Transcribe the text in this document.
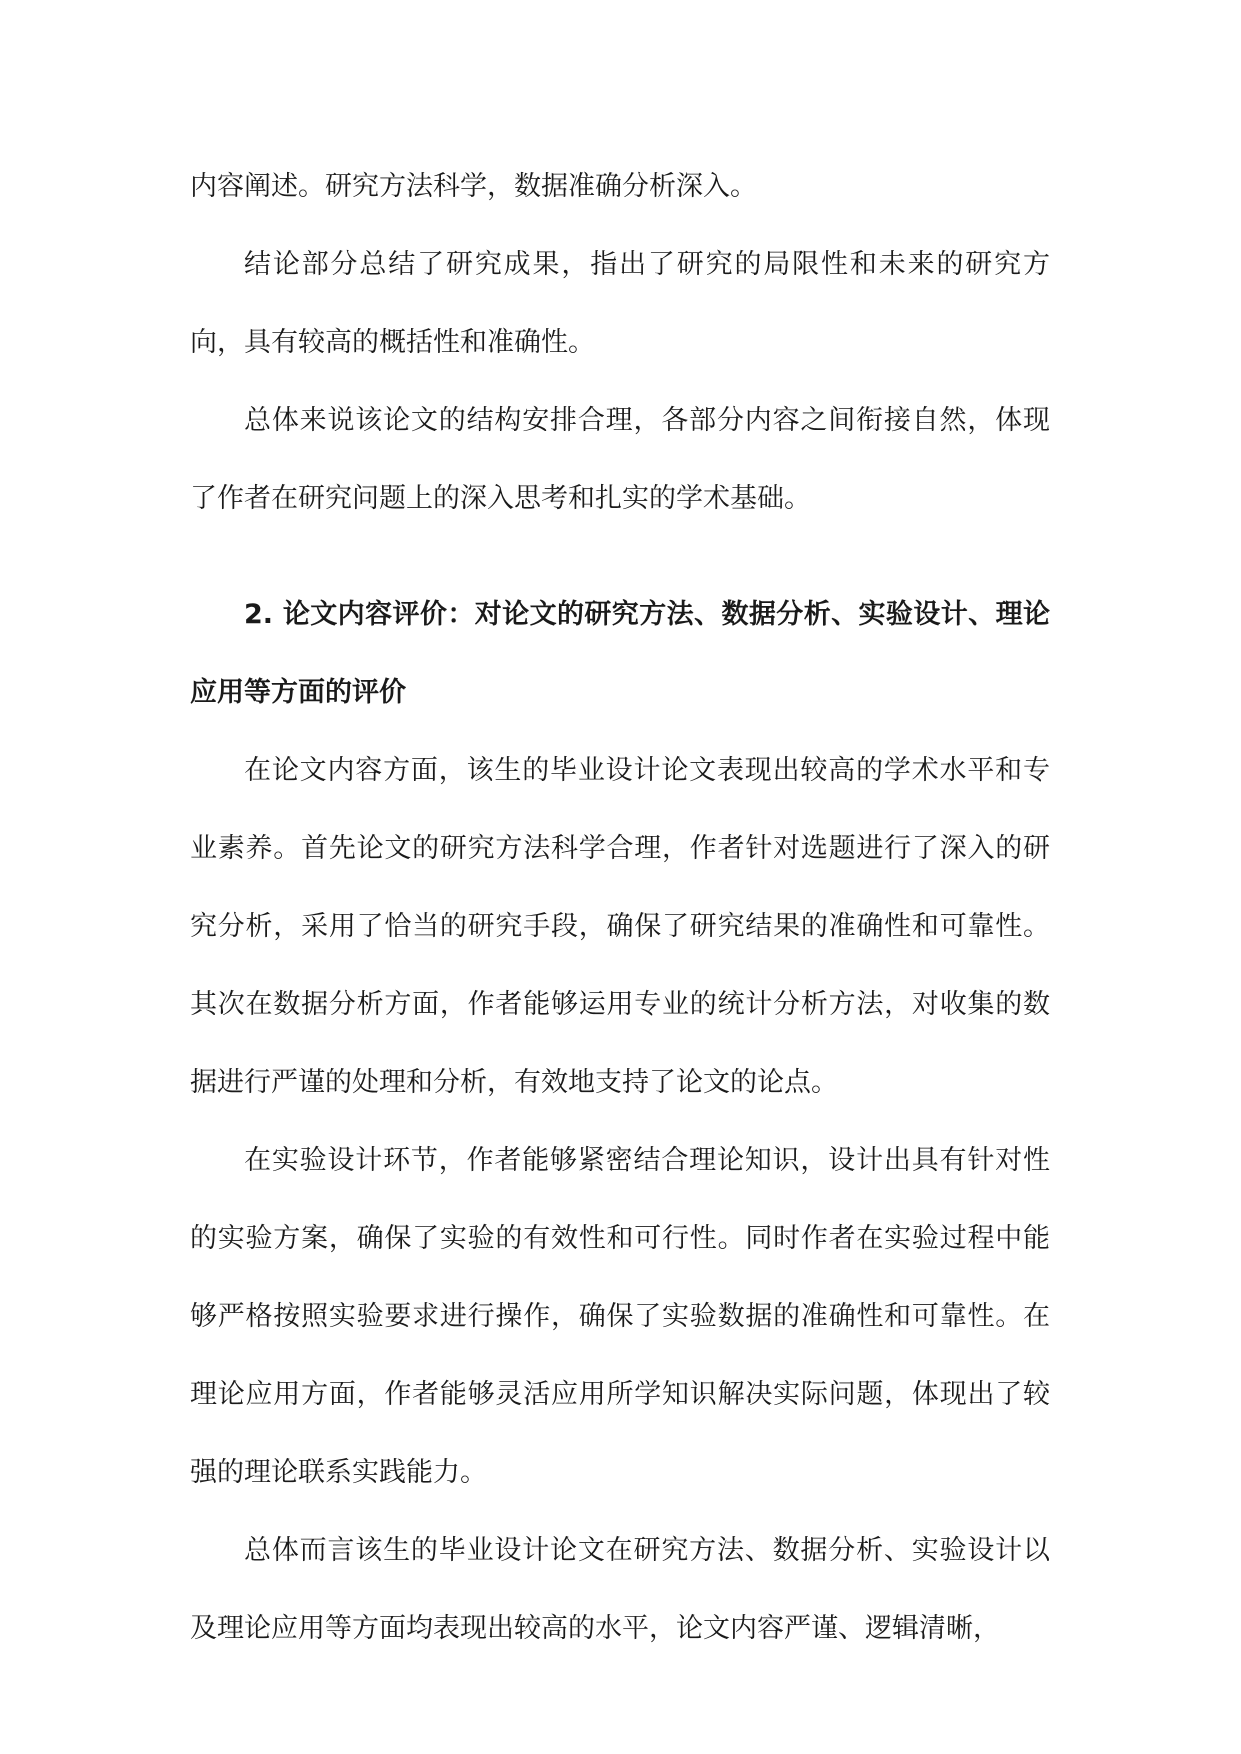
内容阐述。研究方法科学，数据准确分析深入。

结论部分总结了研究成果，指出了研究的局限性和未来的研究方向，具有较高的概括性和准确性。

总体来说该论文的结构安排合理，各部分内容之间衔接自然，体现了作者在研究问题上的深入思考和扎实的学术基础。

2. 论文内容评价：对论文的研究方法、数据分析、实验设计、理论应用等方面的评价

在论文内容方面，该生的毕业设计论文表现出较高的学术水平和专业素养。首先论文的研究方法科学合理，作者针对选题进行了深入的研究分析，采用了恰当的研究手段，确保了研究结果的准确性和可靠性。其次在数据分析方面，作者能够运用专业的统计分析方法，对收集的数据进行严谨的处理和分析，有效地支持了论文的论点。

在实验设计环节，作者能够紧密结合理论知识，设计出具有针对性的实验方案，确保了实验的有效性和可行性。同时作者在实验过程中能够严格按照实验要求进行操作，确保了实验数据的准确性和可靠性。在理论应用方面，作者能够灵活应用所学知识解决实际问题，体现出了较强的理论联系实践能力。

总体而言该生的毕业设计论文在研究方法、数据分析、实验设计以及理论应用等方面均表现出较高的水平，论文内容严谨、逻辑清晰，
